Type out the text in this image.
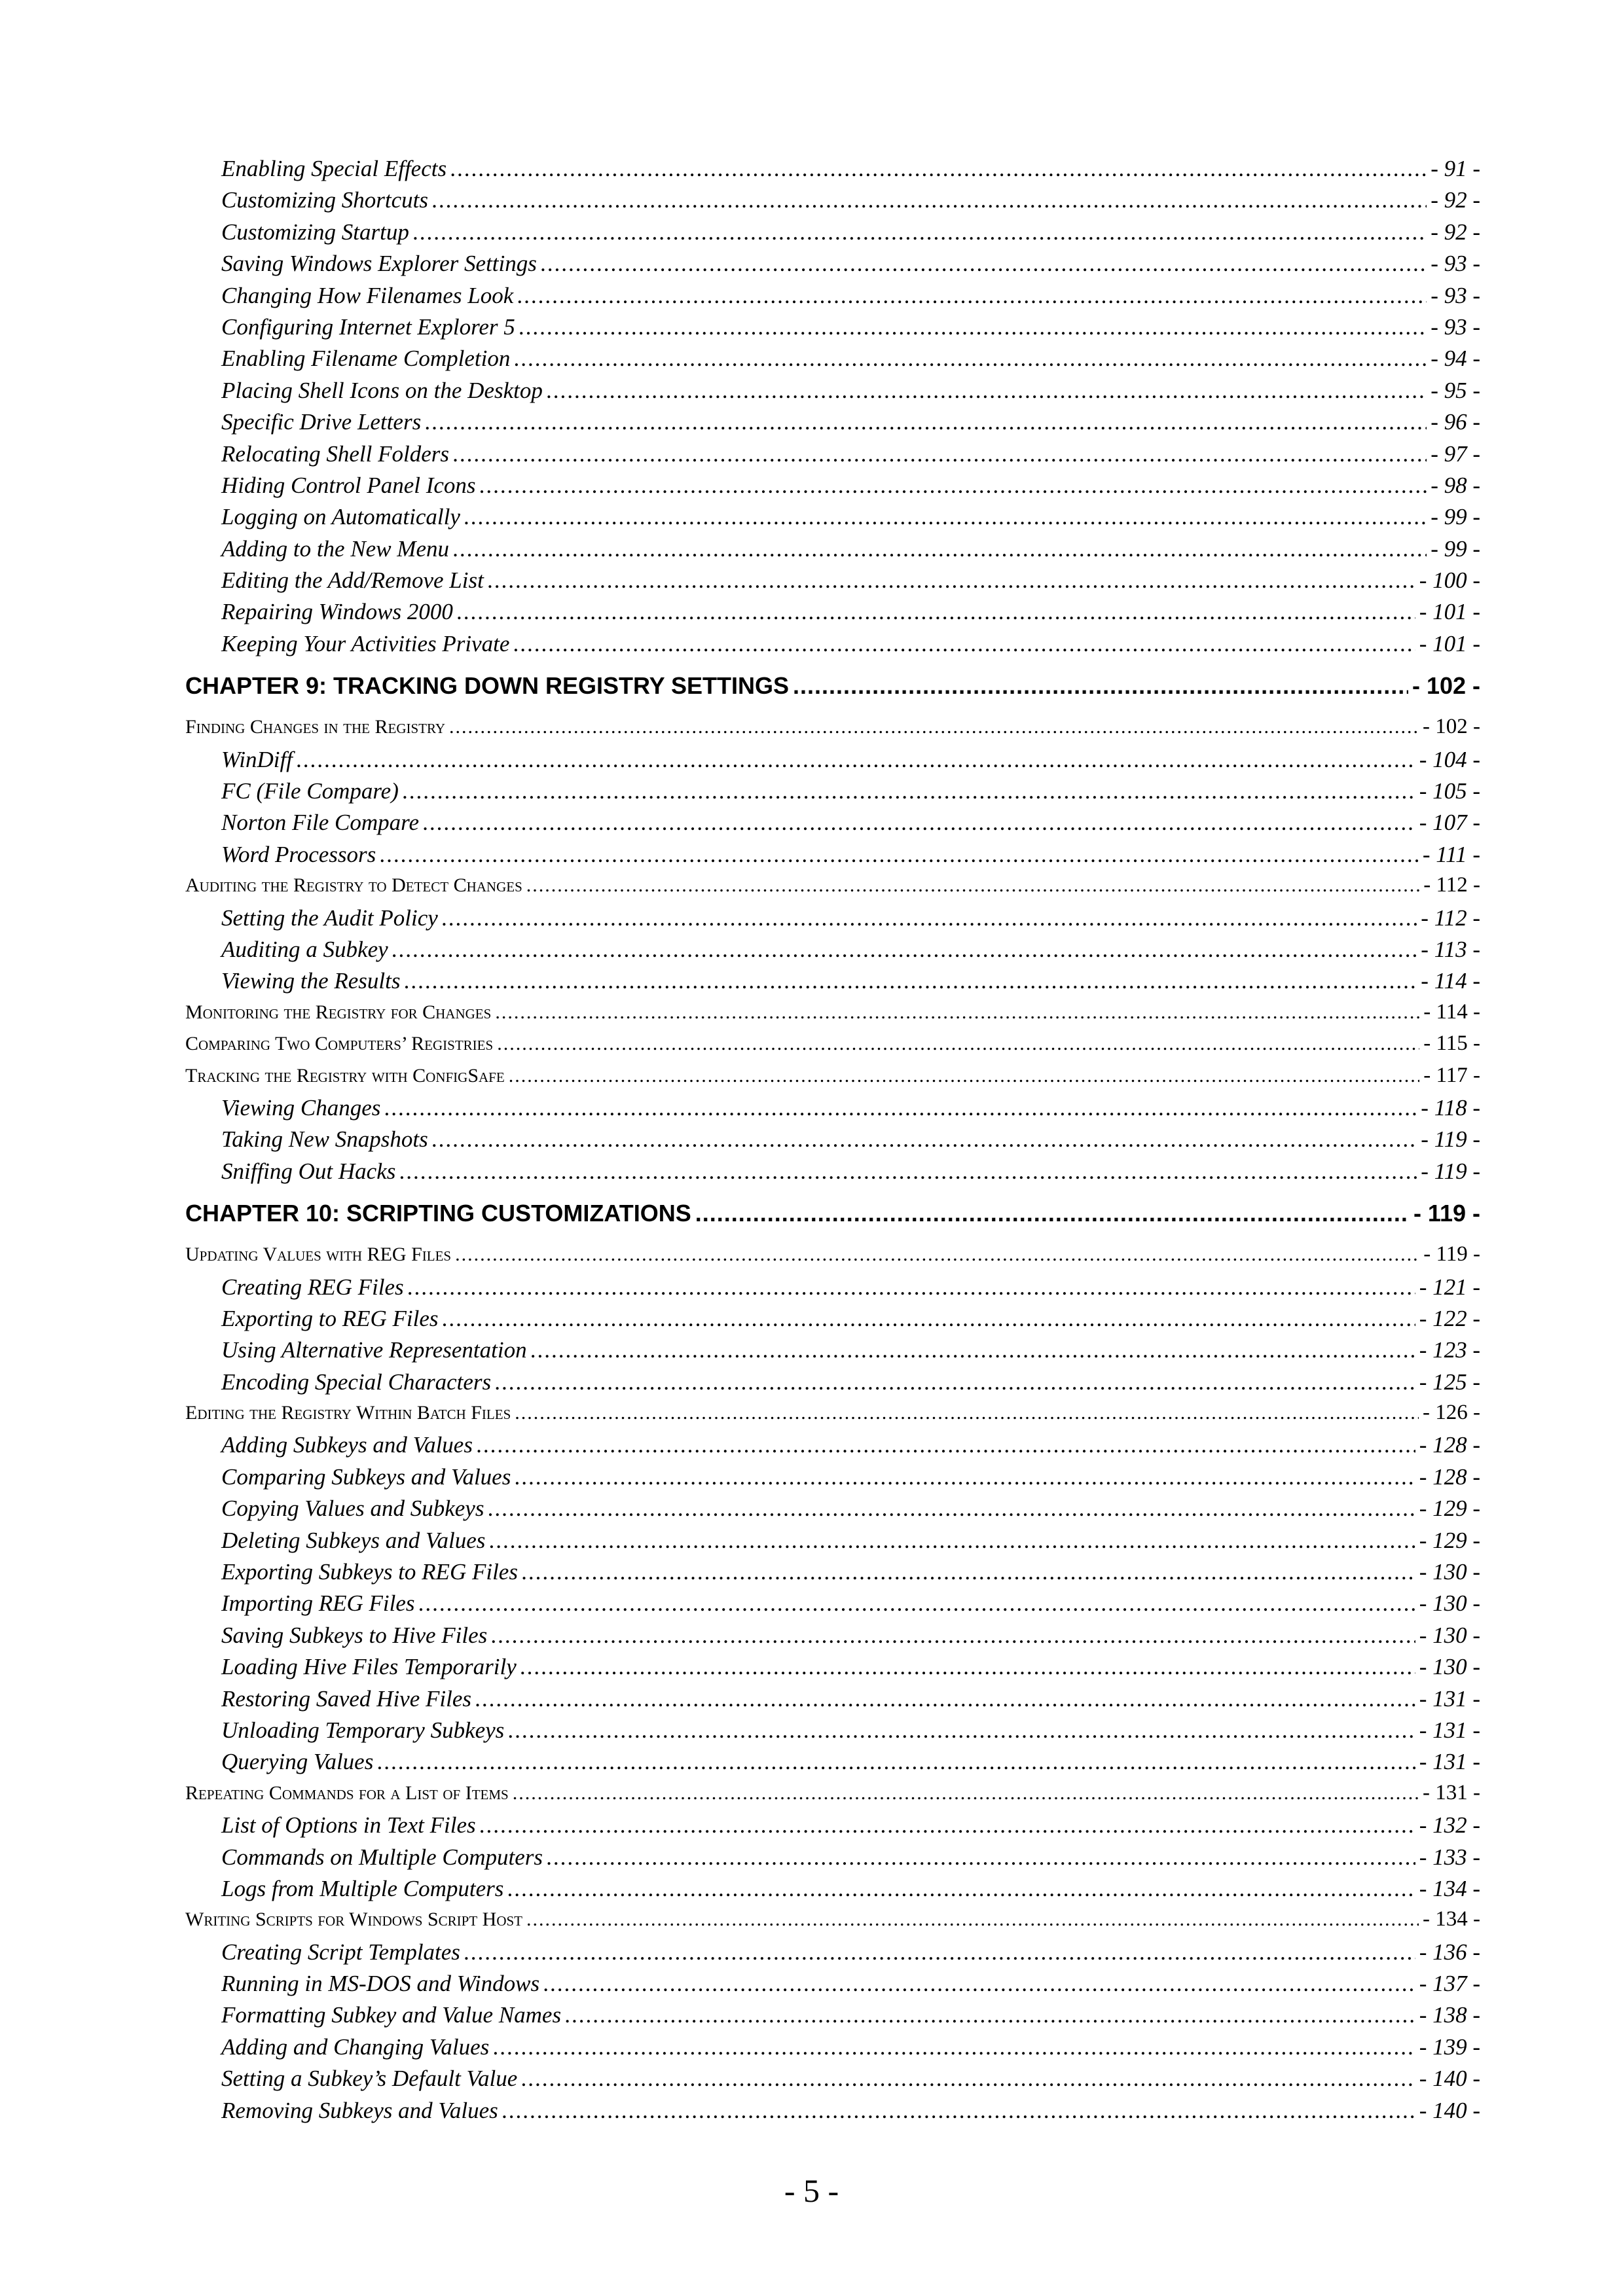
Enabling Special Effects .....	- 91 -
Customizing Shortcuts .....	- 92 -
Customizing Startup .....	- 92 -
Saving Windows Explorer Settings .....	- 93 -
Changing How Filenames Look .....	- 93 -
Configuring Internet Explorer 5 .....	- 93 -
Enabling Filename Completion .....	- 94 -
Placing Shell Icons on the Desktop .....	- 95 -
Specific Drive Letters .....	- 96 -
Relocating Shell Folders .....	- 97 -
Hiding Control Panel Icons .....	- 98 -
Logging on Automatically .....	- 99 -
Adding to the New Menu .....	- 99 -
Editing the Add/Remove List .....	- 100 -
Repairing Windows 2000 .....	- 101 -
Keeping Your Activities Private .....	- 101 -
CHAPTER 9: TRACKING DOWN REGISTRY SETTINGS .....	- 102 -
Finding Changes in the Registry .....	- 102 -
WinDiff .....	- 104 -
FC (File Compare) .....	- 105 -
Norton File Compare .....	- 107 -
Word Processors .....	- 111 -
Auditing the Registry to Detect Changes .....	- 112 -
Setting the Audit Policy .....	- 112 -
Auditing a Subkey .....	- 113 -
Viewing the Results .....	- 114 -
Monitoring the Registry for Changes .....	- 114 -
Comparing Two Computers’ Registries .....	- 115 -
Tracking the Registry with ConfigSafe .....	- 117 -
Viewing Changes .....	- 118 -
Taking New Snapshots .....	- 119 -
Sniffing Out Hacks .....	- 119 -
CHAPTER 10: SCRIPTING CUSTOMIZATIONS .....	- 119 -
Updating Values with REG Files .....	- 119 -
Creating REG Files .....	- 121 -
Exporting to REG Files .....	- 122 -
Using Alternative Representation .....	- 123 -
Encoding Special Characters .....	- 125 -
Editing the Registry Within Batch Files .....	- 126 -
Adding Subkeys and Values .....	- 128 -
Comparing Subkeys and Values .....	- 128 -
Copying Values and Subkeys .....	- 129 -
Deleting Subkeys and Values .....	- 129 -
Exporting Subkeys to REG Files .....	- 130 -
Importing REG Files .....	- 130 -
Saving Subkeys to Hive Files .....	- 130 -
Loading Hive Files Temporarily .....	- 130 -
Restoring Saved Hive Files .....	- 131 -
Unloading Temporary Subkeys .....	- 131 -
Querying Values .....	- 131 -
Repeating Commands for a List of Items .....	- 131 -
List of Options in Text Files .....	- 132 -
Commands on Multiple Computers .....	- 133 -
Logs from Multiple Computers .....	- 134 -
Writing Scripts for Windows Script Host .....	- 134 -
Creating Script Templates .....	- 136 -
Running in MS-DOS and Windows .....	- 137 -
Formatting Subkey and Value Names .....	- 138 -
Adding and Changing Values .....	- 139 -
Setting a Subkey’s Default Value .....	- 140 -
Removing Subkeys and Values .....	- 140 -
- 5 -
